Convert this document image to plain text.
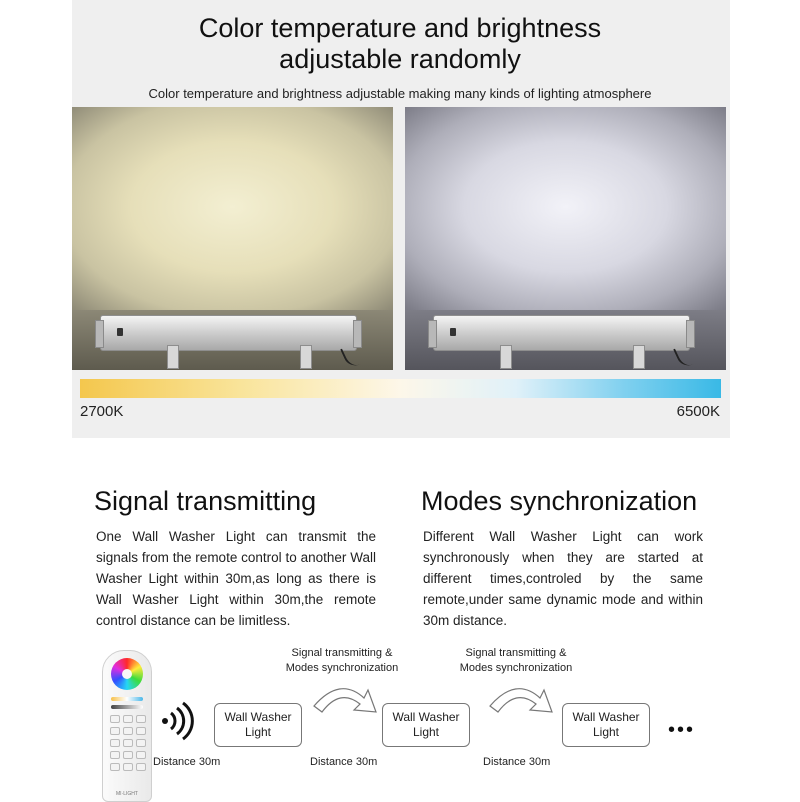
Color temperature and brightness
adjustable randomly
Color temperature and brightness adjustable making many kinds of lighting atmosphere
2700K	6500K
Signal transmitting	Modes synchronization
One Wall Washer Light can transmit the signals from the remote control to another Wall Washer Light within 30m,as long as there is Wall Washer Light within 30m,the remote control distance can be limitless.
Different Wall Washer Light can work synchronously when they are started at different times,controled by the same remote,under same dynamic mode and within 30m distance.
MI·LIGHT
Wall Washer Light
Wall Washer Light
Wall Washer Light
Signal transmitting & Modes synchronization
Signal transmitting & Modes synchronization
Distance 30m	Distance 30m	Distance 30m
•••
